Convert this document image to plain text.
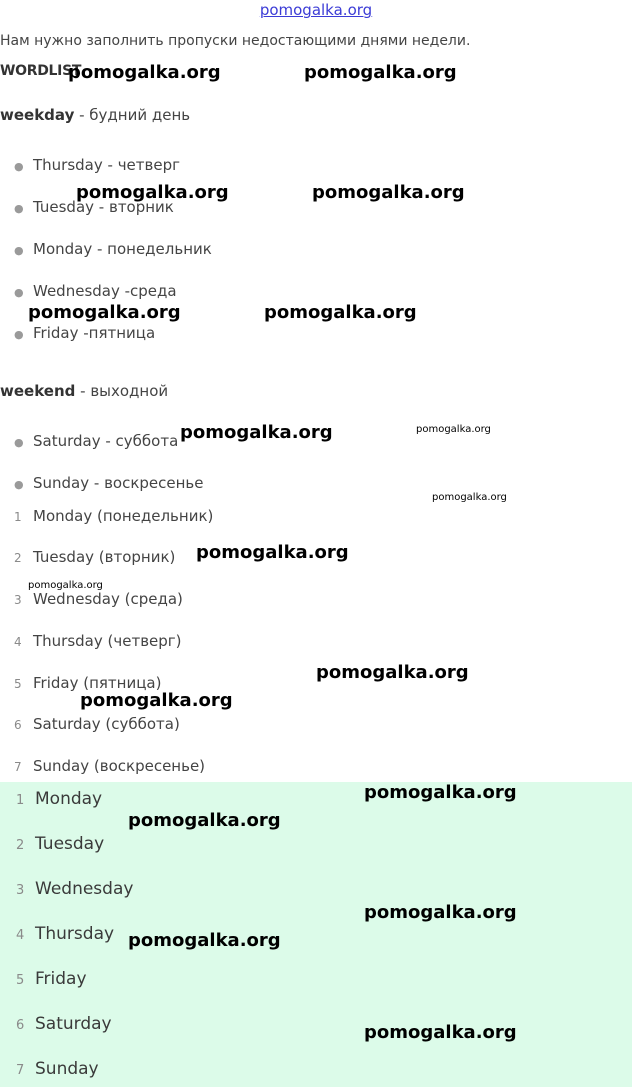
pomogalka.org
Нам нужно заполнить пропуски недостающими днями недели.
WORDLIST
weekday - будний день
● Thursday - четверг
● Tuesday - вторник
● Monday - понедельник
● Wednesday -среда
● Friday -пятница
weekend - выходной
● Saturday - суббота
● Sunday - воскресенье
1 Monday (понедельник)
2 Tuesday (вторник)
3 Wednesday (среда)
4 Thursday (четверг)
5 Friday (пятница)
6 Saturday (суббота)
7 Sunday (воскресенье)
1 Monday
2 Tuesday
3 Wednesday
4 Thursday
5 Friday
6 Saturday
7 Sunday
pomogalka.org	pomogalka.org
pomogalka.org	pomogalka.org
pomogalka.org	pomogalka.org
pomogalka.org	pomogalka.org
pomogalka.org
pomogalka.org
pomogalka.org
pomogalka.org
pomogalka.org
pomogalka.org
pomogalka.org
pomogalka.org
pomogalka.org
pomogalka.org
